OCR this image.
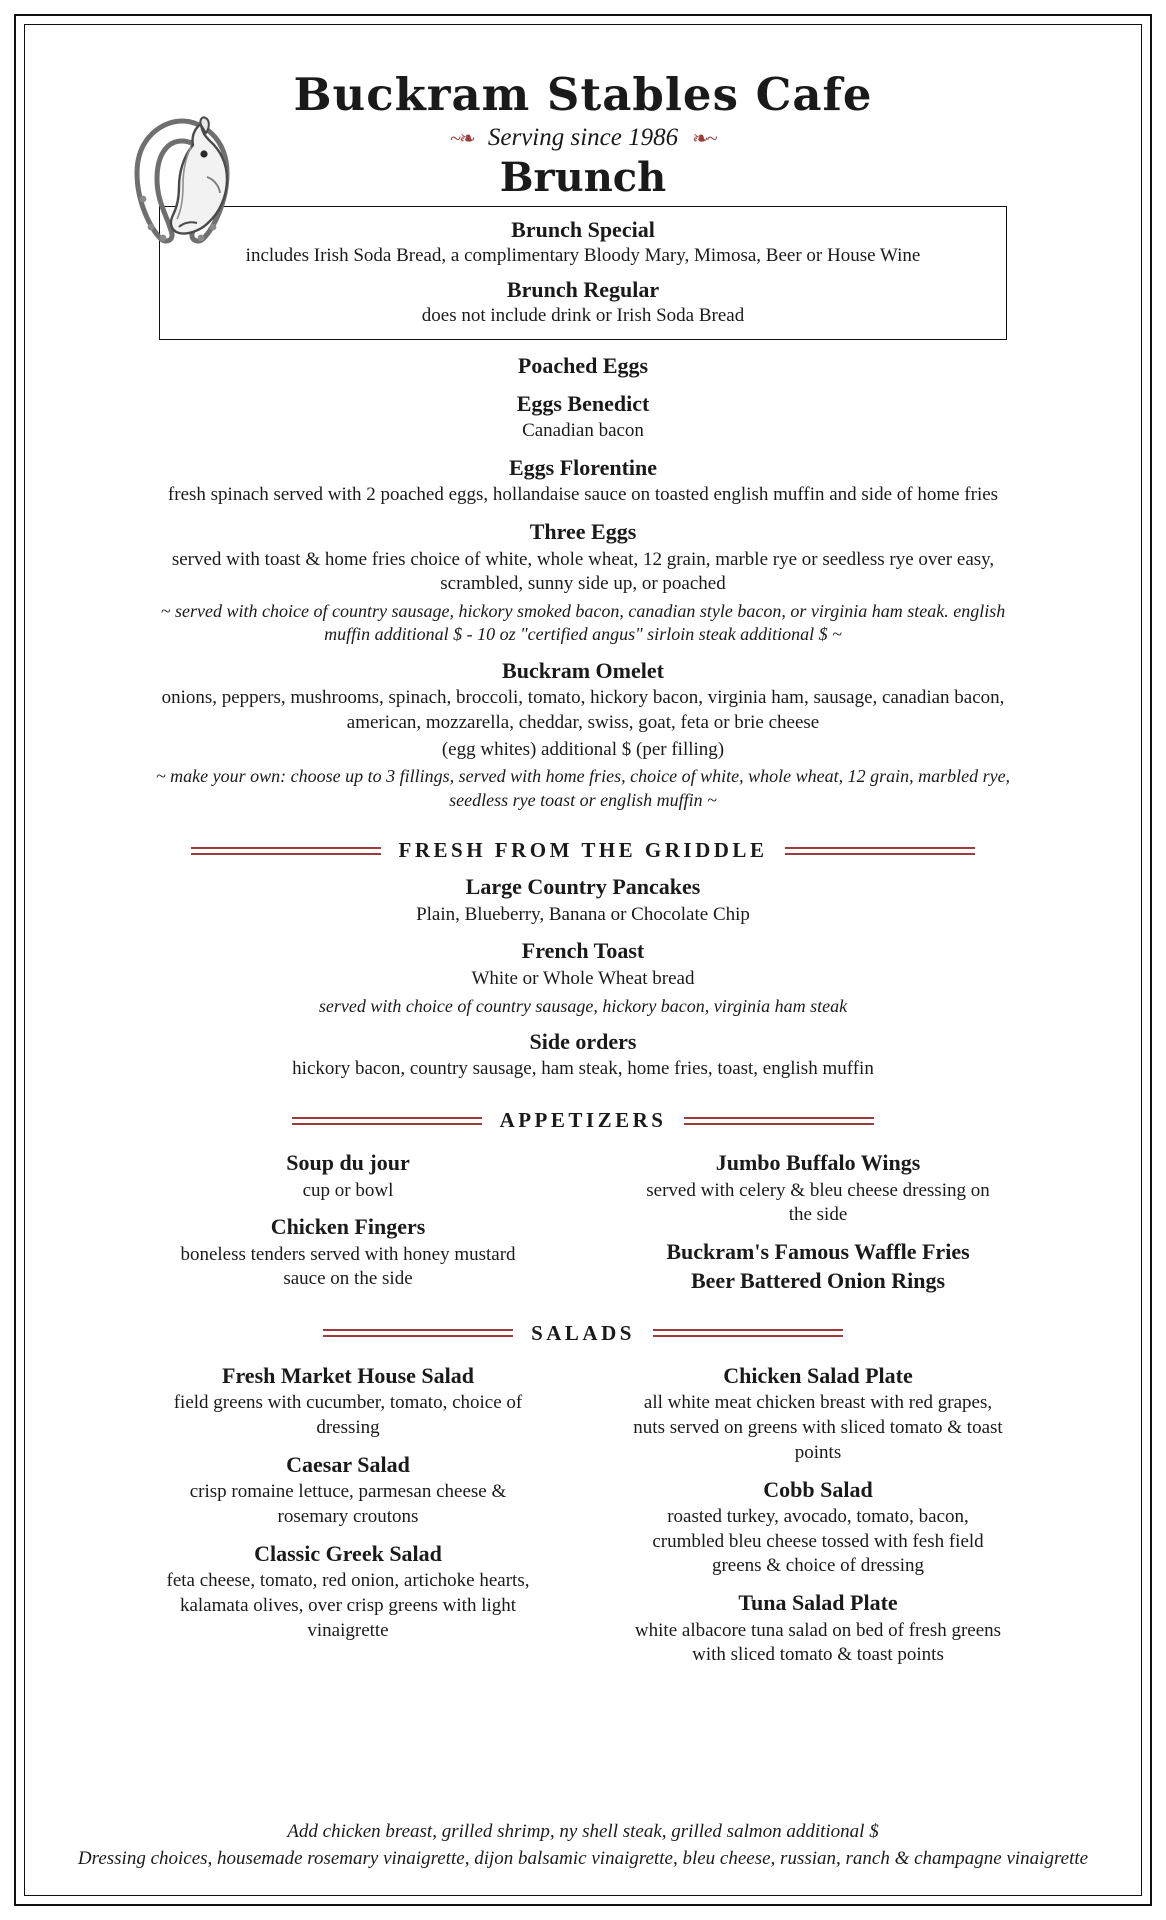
Buckram Stables Cafe
~❧ Serving since 1986 ❧~
Brunch
Brunch Special
includes Irish Soda Bread, a complimentary Bloody Mary, Mimosa, Beer or House Wine
Brunch Regular
does not include drink or Irish Soda Bread
Poached Eggs
Eggs Benedict
Canadian bacon
Eggs Florentine
fresh spinach served with 2 poached eggs, hollandaise sauce on toasted english muffin and side of home fries
Three Eggs
served with toast & home fries choice of white, whole wheat, 12 grain, marble rye or seedless rye over easy, scrambled, sunny side up, or poached
~ served with choice of country sausage, hickory smoked bacon, canadian style bacon, or virginia ham steak. english muffin additional $ - 10 oz "certified angus" sirloin steak additional $ ~
Buckram Omelet
onions, peppers, mushrooms, spinach, broccoli, tomato, hickory bacon, virginia ham, sausage, canadian bacon, american, mozzarella, cheddar, swiss, goat, feta or brie cheese
(egg whites) additional $ (per filling)
~ make your own: choose up to 3 fillings, served with home fries, choice of white, whole wheat, 12 grain, marbled rye, seedless rye toast or english muffin ~
FRESH FROM THE GRIDDLE
Large Country Pancakes
Plain, Blueberry, Banana or Chocolate Chip
French Toast
White or Whole Wheat bread
served with choice of country sausage, hickory bacon, virginia ham steak
Side orders
hickory bacon, country sausage, ham steak, home fries, toast, english muffin
APPETIZERS
Soup du jour
cup or bowl
Chicken Fingers
boneless tenders served with honey mustard sauce on the side
Jumbo Buffalo Wings
served with celery & bleu cheese dressing on the side
Buckram's Famous Waffle Fries
Beer Battered Onion Rings
SALADS
Fresh Market House Salad
field greens with cucumber, tomato, choice of dressing
Caesar Salad
crisp romaine lettuce, parmesan cheese & rosemary croutons
Classic Greek Salad
feta cheese, tomato, red onion, artichoke hearts, kalamata olives, over crisp greens with light vinaigrette
Chicken Salad Plate
all white meat chicken breast with red grapes, nuts served on greens with sliced tomato & toast points
Cobb Salad
roasted turkey, avocado, tomato, bacon, crumbled bleu cheese tossed with fesh field greens & choice of dressing
Tuna Salad Plate
white albacore tuna salad on bed of fresh greens with sliced tomato & toast points
Add chicken breast, grilled shrimp, ny shell steak, grilled salmon additional $
Dressing choices, housemade rosemary vinaigrette, dijon balsamic vinaigrette, bleu cheese, russian, ranch & champagne vinaigrette
